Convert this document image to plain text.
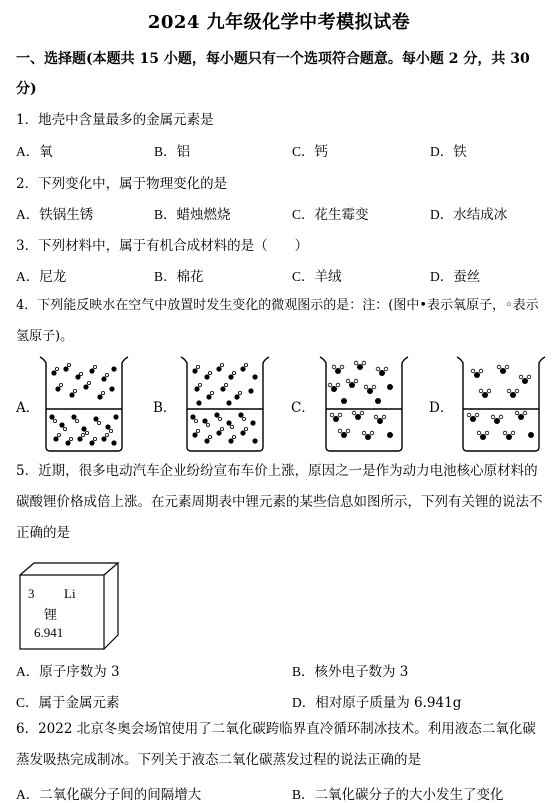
2024 九年级化学中考模拟试卷
一、选择题(本题共 15 小题，每小题只有一个选项符合题意。每小题 2 分，共 30 分)
1．地壳中含量最多的金属元素是
A．氧	B．铝	C．钙	D．铁
2．下列变化中，属于物理变化的是
A．铁锅生锈	B．蜡烛燃烧	C．花生霉变	D．水结成冰
3．下列材料中，属于有机合成材料的是（　　）
A．尼龙	B．棉花	C．羊绒	D．蚕丝
4．下列能反映水在空气中放置时发生变化的微观图示的是：注：(图中•表示氧原子，◦表示氢原子)。
A．	B．	C．	D．
5．近期，很多电动汽车企业纷纷宣布车价上涨，原因之一是作为动力电池核心原材料的碳酸锂价格成倍上涨。在元素周期表中锂元素的某些信息如图所示，下列有关锂的说法不正确的是
3 Li
锂
6.941
A．原子序数为 3	B．核外电子数为 3
C．属于金属元素	D．相对原子质量为 6.941g
6．2022 北京冬奥会场馆使用了二氧化碳跨临界直冷循环制冰技术。利用液态二氧化碳蒸发吸热完成制冰。下列关于液态二氧化碳蒸发过程的说法正确的是
A．二氧化碳分子间的间隔增大	B．二氧化碳分子的大小发生了变化
